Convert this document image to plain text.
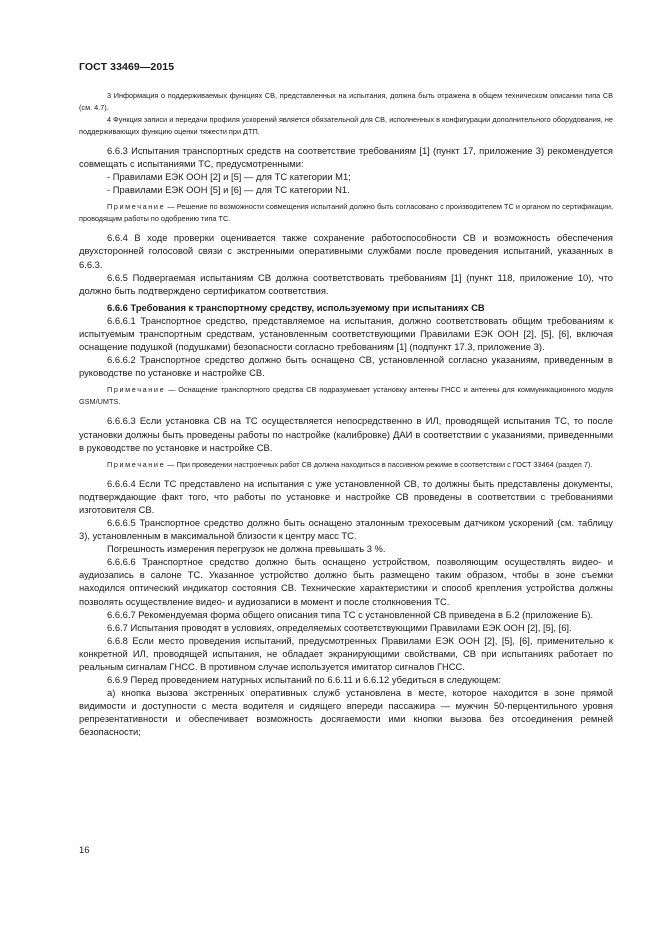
ГОСТ 33469—2015

3 Информация о поддерживаемых функциях СВ, представленных на испытания, должна быть отражена в общем техническом описании типа СВ (см. 4.7).

4 Функция записи и передачи профиля ускорений является обязательной для СВ, исполненных в конфигурации дополнительного оборудования, не поддерживающих функцию оценки тяжести при ДТП.

6.6.3 Испытания транспортных средств на соответствие требованиям [1] (пункт 17, приложение 3) рекомендуется совмещать с испытаниями ТС, предусмотренными:

- Правилами ЕЭК ООН [2] и [5] — для ТС категории M1;

- Правилами ЕЭК ООН [5] и [6] — для ТС категории N1.

Примечание — Решение по возможности совмещения испытаний должно быть согласовано с производителем ТС и органом по сертификации, проводящим работы по одобрению типа ТС.

6.6.4 В ходе проверки оценивается также сохранение работоспособности СВ и возможность обеспечения двухсторонней голосовой связи с экстренными оперативными службами после проведения испытаний, указанных в 6.6.3.

6.6.5 Подвергаемая испытаниям СВ должна соответствовать требованиям [1] (пункт 118, приложение 10), что должно быть подтверждено сертификатом соответствия.

6.6.6 Требования к транспортному средству, используемому при испытаниях СВ

6.6.6.1 Транспортное средство, представляемое на испытания, должно соответствовать общим требованиям к испытуемым транспортным средствам, установленным соответствующими Правилами ЕЭК ООН [2], [5], [6], включая оснащение подушкой (подушками) безопасности согласно требованиям [1] (подпункт 17.3, приложение 3).

6.6.6.2 Транспортное средство должно быть оснащено СВ, установленной согласно указаниям, приведенным в руководстве по установке и настройке СВ.

Примечание — Оснащение транспортного средства СВ подразумевает установку антенны ГНСС и антенны для коммуникационного модуля GSM/UMTS.

6.6.6.3 Если установка СВ на ТС осуществляется непосредственно в ИЛ, проводящей испытания ТС, то после установки должны быть проведены работы по настройке (калибровке) ДАИ в соответствии с указаниями, приведенными в руководстве по установке и настройке СВ.

Примечание — При проведении настроечных работ СВ должна находиться в пассивном режиме в соответствии с ГОСТ 33464 (раздел 7).

6.6.6.4 Если ТС представлено на испытания с уже установленной СВ, то должны быть представлены документы, подтверждающие факт того, что работы по установке и настройке СВ проведены в соответствии с требованиями изготовителя СВ.

6.6.6.5 Транспортное средство должно быть оснащено эталонным трехосевым датчиком ускорений (см. таблицу 3), установленным в максимальной близости к центру масс ТС.

Погрешность измерения перегрузок не должна превышать 3 %.

6.6.6.6 Транспортное средство должно быть оснащено устройством, позволяющим осуществлять видео- и аудиозапись в салоне ТС. Указанное устройство должно быть размещено таким образом, чтобы в зоне съемки находился оптический индикатор состояния СВ. Технические характеристики и способ крепления устройства должны позволять осуществление видео- и аудиозаписи в момент и после столкновения ТС.

6.6.6.7 Рекомендуемая форма общего описания типа ТС с установленной СВ приведена в Б.2 (приложение Б).

6.6.7 Испытания проводят в условиях, определяемых соответствующими Правилами ЕЭК ООН [2], [5], [6].

6.6.8 Если место проведения испытаний, предусмотренных Правилами ЕЭК ООН [2], [5], [6], применительно к конкретной ИЛ, проводящей испытания, не обладает экранирующими свойствами, СВ при испытаниях работает по реальным сигналам ГНСС. В противном случае используется имитатор сигналов ГНСС.

6.6.9 Перед проведением натурных испытаний по 6.6.11 и 6.6.12 убедиться в следующем:

а) кнопка вызова экстренных оперативных служб установлена в месте, которое находится в зоне прямой видимости и доступности с места водителя и сидящего впереди пассажира — мужчин 50-перцентильного уровня репрезентативности и обеспечивает возможность досягаемости ими кнопки вызова без отсоединения ремней безопасности;

16
